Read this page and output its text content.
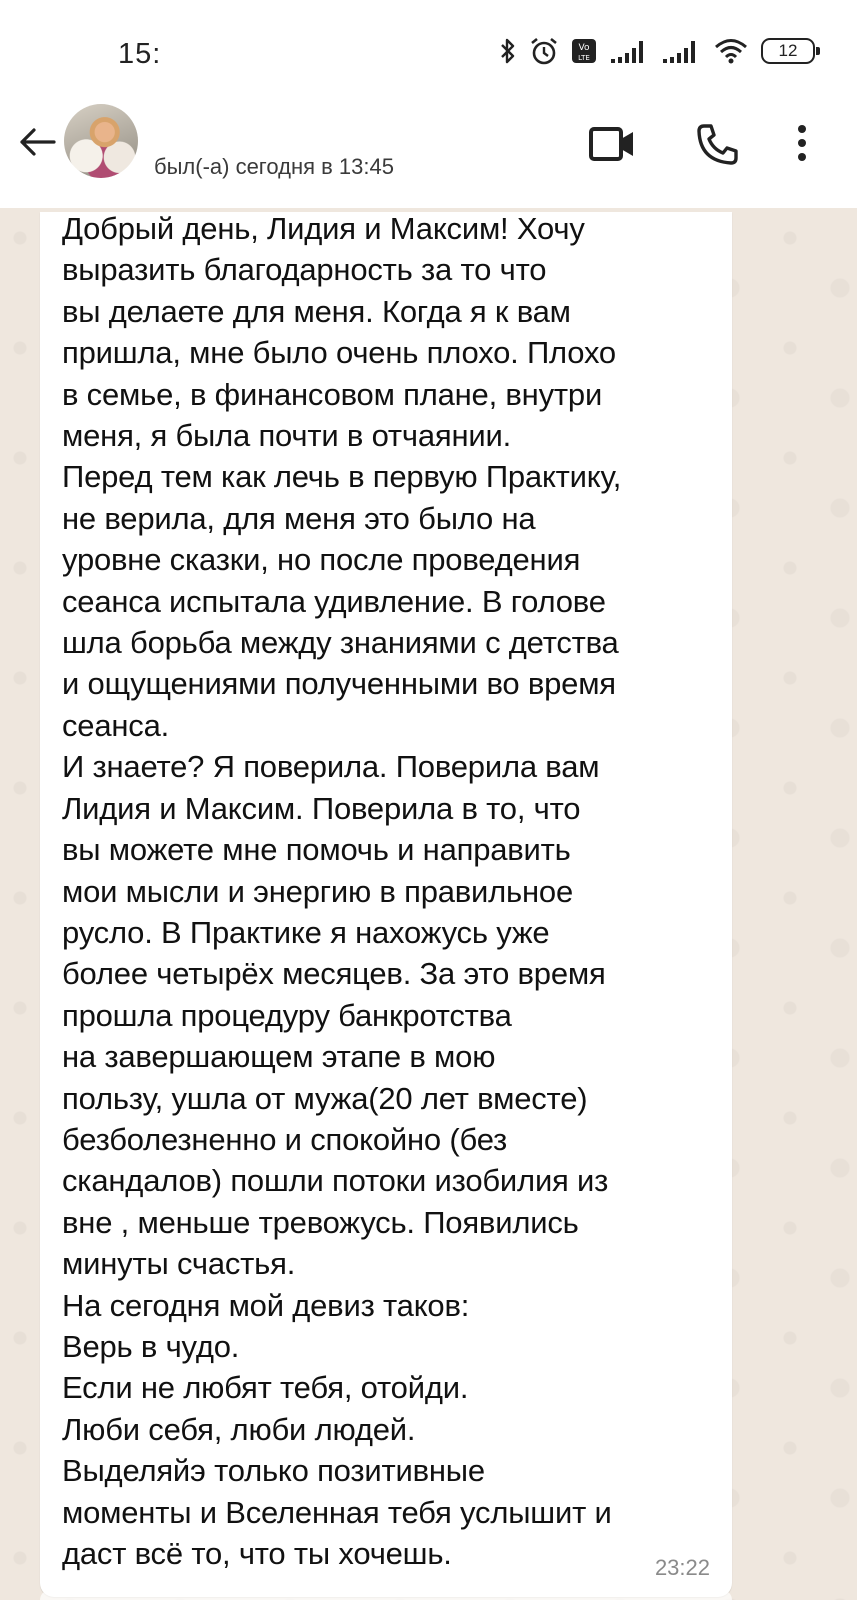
15:	Vo
LTE	12
был(-а) сегодня в 13:45
Добрый день, Лидия и Максим! Хочу
выразить благодарность за то что
вы делаете для меня. Когда я к вам
пришла, мне было очень плохо. Плохо
в семье, в финансовом плане, внутри
меня, я была почти в отчаянии.
Перед тем как лечь в первую Практику,
не верила, для меня это было на
уровне сказки, но после проведения
сеанса испытала удивление. В голове
шла борьба между знаниями с детства
и ощущениями полученными во время
сеанса.
И знаете? Я поверила. Поверила вам
Лидия и Максим. Поверила в то, что
вы можете мне помочь и направить
мои мысли и энергию в правильное
русло. В Практике я нахожусь уже
более четырёх месяцев. За это время
прошла процедуру банкротства
на завершающем этапе в мою
пользу, ушла от мужа(20 лет вместе)
безболезненно и спокойно (без
скандалов) пошли потоки изобилия из
вне , меньше тревожусь. Появились
минуты счастья.
На сегодня мой девиз таков:
Верь в чудо.
Если не любят тебя, отойди.
Люби себя, люби людей.
Выделяйэ только позитивные
моменты и Вселенная тебя услышит и
даст всё то, что ты хочешь.	23:22
